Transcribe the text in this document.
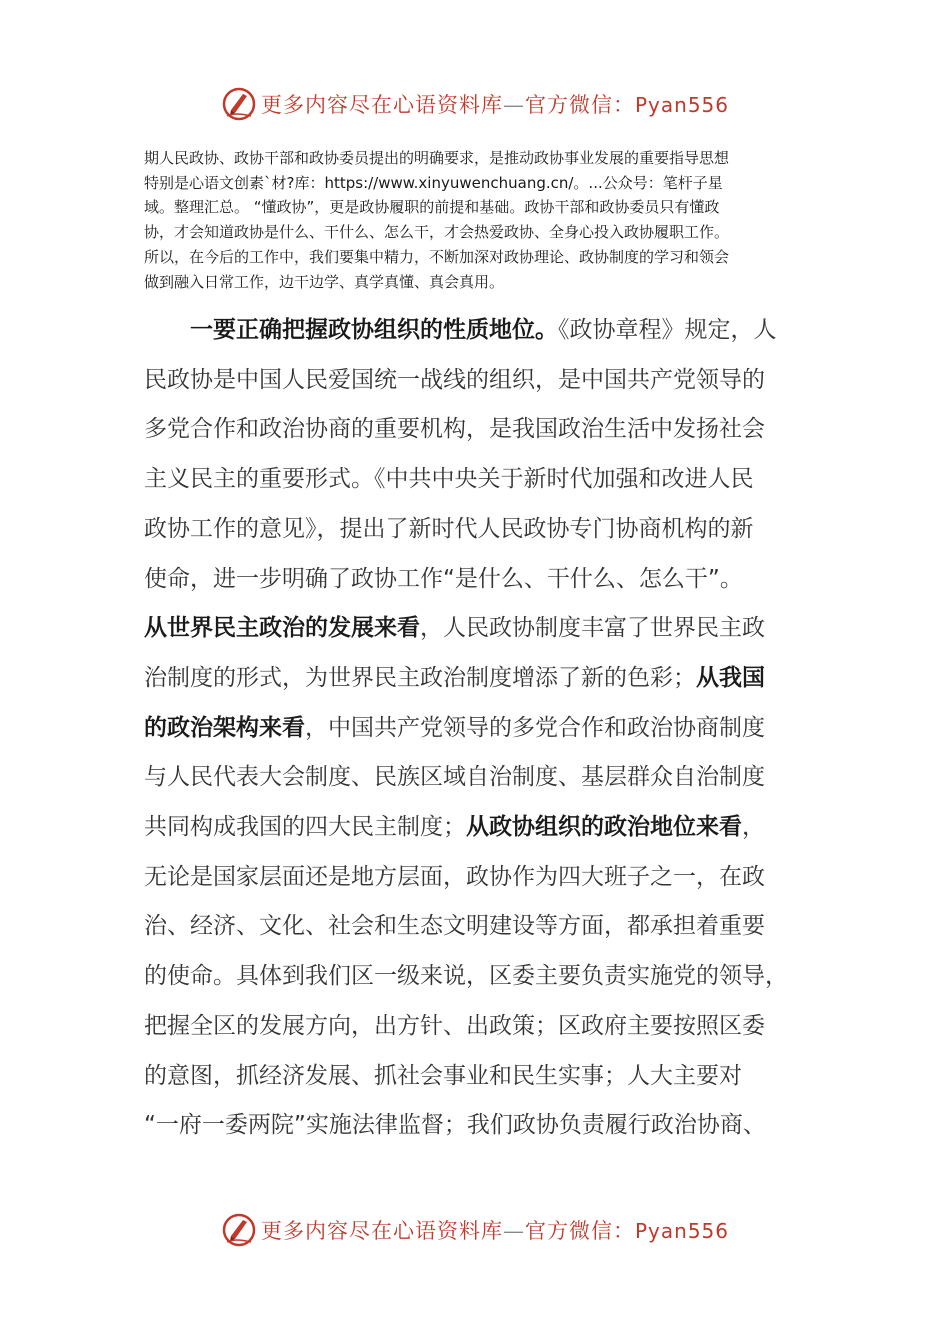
更多内容尽在心语资料库—官方微信：Pyan556

期人民政协、政协干部和政协委员提出的明确要求，是推动政协事业发展的重要指导思想

特别是心语文创素`材?库：https://www.xinyuwenchuang.cn/。...公众号：笔杆子星

域。整理汇总。 “懂政协”，更是政协履职的前提和基础。政协干部和政协委员只有懂政

协，才会知道政协是什么、干什么、怎么干，才会热爱政协、全身心投入政协履职工作。

所以，在今后的工作中，我们要集中精力，不断加深对政协理论、政协制度的学习和领会

做到融入日常工作，边干边学、真学真懂、真会真用。

一要正确把握政协组织的性质地位。《政协章程》规定，人

民政协是中国人民爱国统一战线的组织，是中国共产党领导的

多党合作和政治协商的重要机构，是我国政治生活中发扬社会

主义民主的重要形式。《中共中央关于新时代加强和改进人民

政协工作的意见》，提出了新时代人民政协专门协商机构的新

使命，进一步明确了政协工作“是什么、干什么、怎么干”。

从世界民主政治的发展来看，人民政协制度丰富了世界民主政

治制度的形式，为世界民主政治制度增添了新的色彩；从我国

的政治架构来看，中国共产党领导的多党合作和政治协商制度

与人民代表大会制度、民族区域自治制度、基层群众自治制度

共同构成我国的四大民主制度；从政协组织的政治地位来看，

无论是国家层面还是地方层面，政协作为四大班子之一，在政

治、经济、文化、社会和生态文明建设等方面，都承担着重要

的使命。具体到我们区一级来说，区委主要负责实施党的领导，

把握全区的发展方向，出方针、出政策；区政府主要按照区委

的意图，抓经济发展、抓社会事业和民生实事；人大主要对

“一府一委两院”实施法律监督；我们政协负责履行政治协商、

更多内容尽在心语资料库—官方微信：Pyan556
